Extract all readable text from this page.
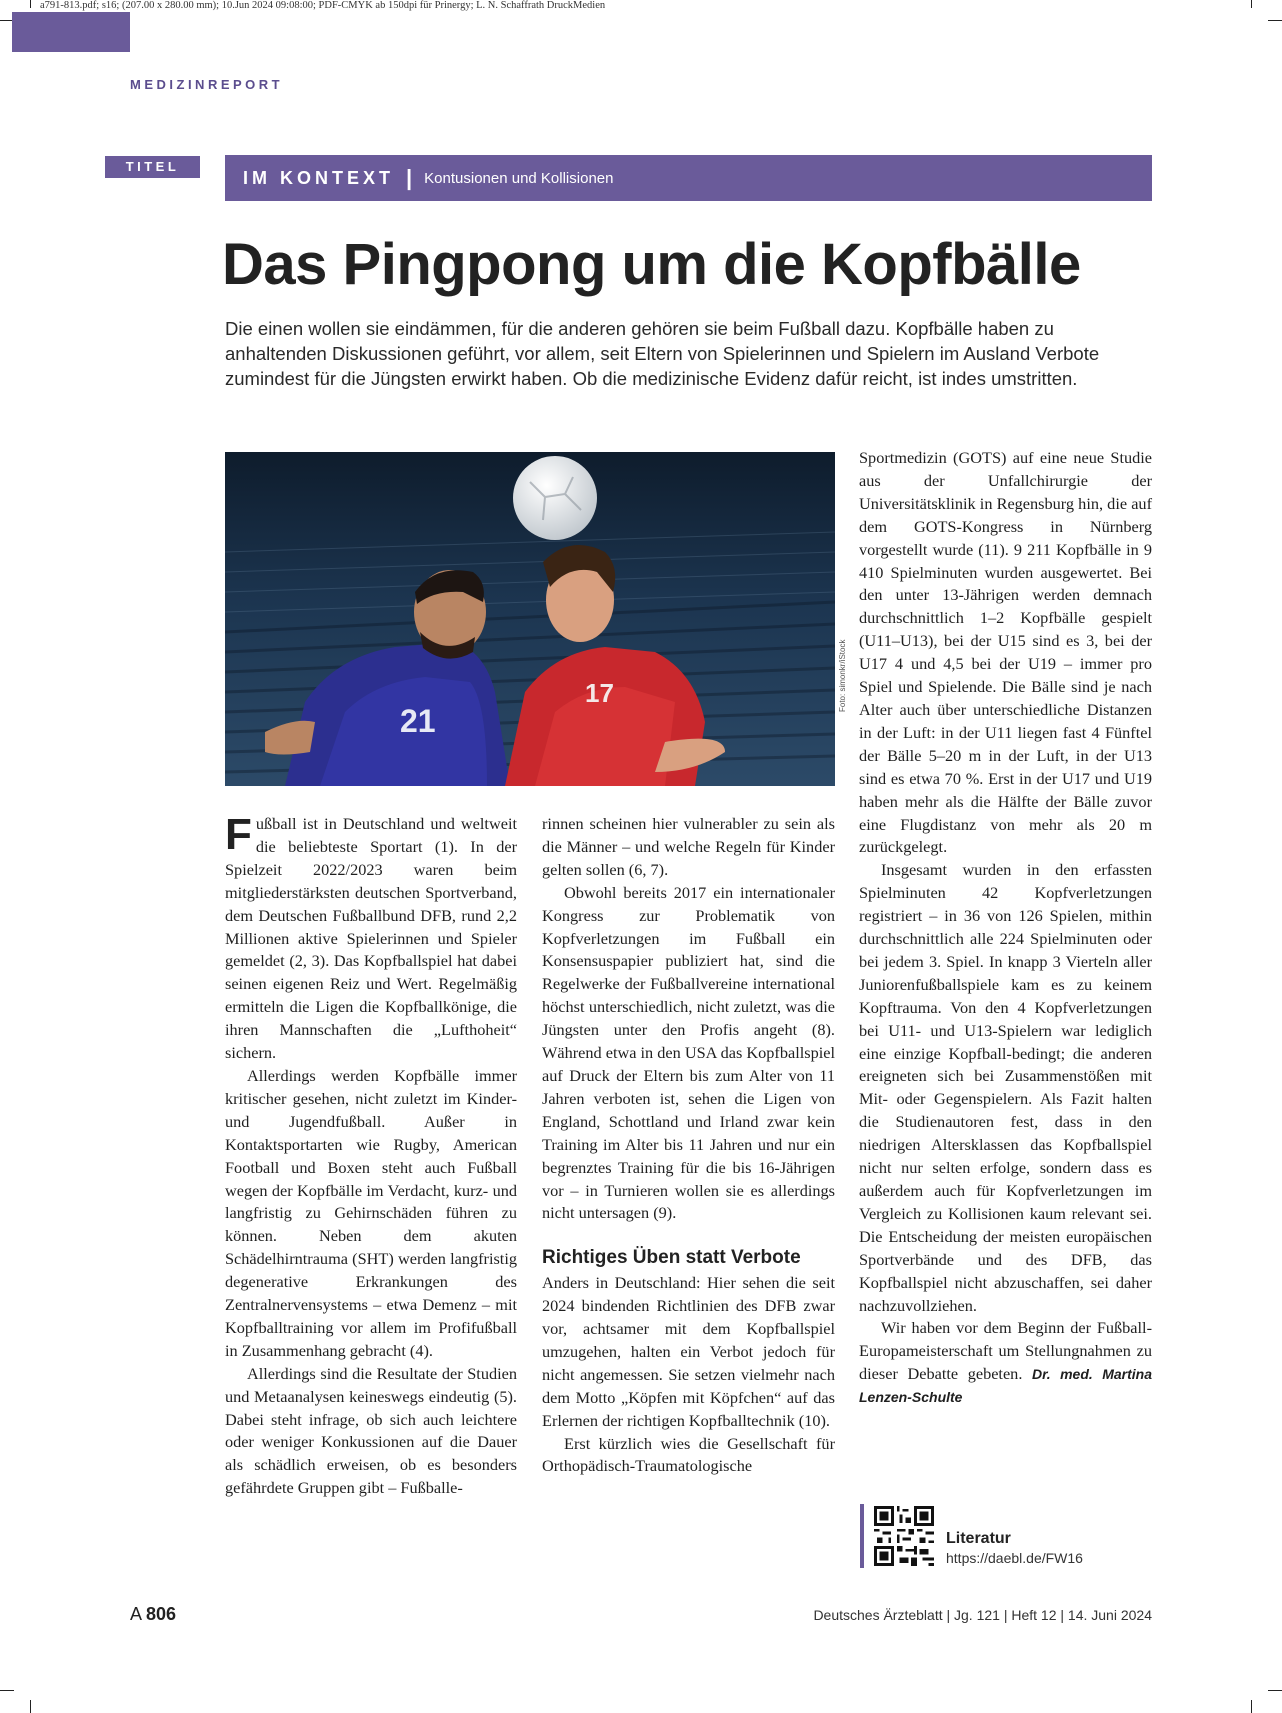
a791-813.pdf; s16; (207.00 x 280.00 mm); 10.Jun 2024 09:08:00; PDF-CMYK ab 150dpi für Prinergy; L. N. Schaffrath DruckMedien
MEDIZINREPORT
TITEL
IM KONTEXT | Kontusionen und Kollisionen
Das Pingpong um die Kopfbälle
Die einen wollen sie eindämmen, für die anderen gehören sie beim Fußball dazu. Kopfbälle haben zu anhaltenden Diskussionen geführt, vor allem, seit Eltern von Spielerinnen und Spielern im Ausland Verbote zumindest für die Jüngsten erwirkt haben. Ob die medizinische Evidenz dafür reicht, ist indes umstritten.
21
17	Foto: simonkr/iStock

Fußball ist in Deutschland und weltweit die beliebteste Sportart (1). In der Spielzeit 2022/2023 waren beim mitgliederstärksten deutschen Sportverband, dem Deutschen Fußballbund DFB, rund 2,2 Millionen aktive Spielerinnen und Spieler gemeldet (2, 3). Das Kopfballspiel hat dabei seinen eigenen Reiz und Wert. Regelmäßig ermitteln die Ligen die Kopfballkönige, die ihren Mannschaften die „Lufthoheit“ sichern.

Allerdings werden Kopfbälle immer kritischer gesehen, nicht zuletzt im Kinder- und Jugendfußball. Außer in Kontaktsportarten wie Rugby, American Football und Boxen steht auch Fußball wegen der Kopfbälle im Verdacht, kurz- und langfristig zu Gehirnschäden führen zu können. Neben dem akuten Schädelhirntrauma (SHT) werden langfristig degenerative Erkrankungen des Zentralnervensystems – etwa Demenz – mit Kopfballtraining vor allem im Profifußball in Zusammenhang gebracht (4).

Allerdings sind die Resultate der Studien und Metaanalysen keineswegs eindeutig (5). Dabei steht infrage, ob sich auch leichtere oder weniger Konkussionen auf die Dauer als schädlich erweisen, ob es besonders gefährdete Gruppen gibt – Fußballe-

rinnen scheinen hier vulnerabler zu sein als die Männer – und welche Regeln für Kinder gelten sollen (6, 7).

Obwohl bereits 2017 ein internationaler Kongress zur Problematik von Kopfverletzungen im Fußball ein Konsensuspapier publiziert hat, sind die Regelwerke der Fußballvereine international höchst unterschiedlich, nicht zuletzt, was die Jüngsten unter den Profis angeht (8). Während etwa in den USA das Kopfballspiel auf Druck der Eltern bis zum Alter von 11 Jahren verboten ist, sehen die Ligen von England, Schottland und Irland zwar kein Training im Alter bis 11 Jahren und nur ein begrenztes Training für die bis 16-Jährigen vor – in Turnieren wollen sie es allerdings nicht untersagen (9).

Richtiges Üben statt Verbote

Anders in Deutschland: Hier sehen die seit 2024 bindenden Richtlinien des DFB zwar vor, achtsamer mit dem Kopfballspiel umzugehen, halten ein Verbot jedoch für nicht angemessen. Sie setzen vielmehr nach dem Motto „Köpfen mit Köpfchen“ auf das Erlernen der richtigen Kopfballtechnik (10).

Erst kürzlich wies die Gesellschaft für Orthopädisch-Traumatologische

Sportmedizin (GOTS) auf eine neue Studie aus der Unfallchirurgie der Universitätsklinik in Regensburg hin, die auf dem GOTS-Kongress in Nürnberg vorgestellt wurde (11). 9 211 Kopfbälle in 9 410 Spielminuten wurden ausgewertet. Bei den unter 13-Jährigen werden demnach durchschnittlich 1–2 Kopfbälle gespielt (U11–U13), bei der U15 sind es 3, bei der U17 4 und 4,5 bei der U19 – immer pro Spiel und Spielende. Die Bälle sind je nach Alter auch über unterschiedliche Distanzen in der Luft: in der U11 liegen fast 4 Fünftel der Bälle 5–20 m in der Luft, in der U13 sind es etwa 70 %. Erst in der U17 und U19 haben mehr als die Hälfte der Bälle zuvor eine Flugdistanz von mehr als 20 m zurückgelegt.

Insgesamt wurden in den erfassten Spielminuten 42 Kopfverletzungen registriert – in 36 von 126 Spielen, mithin durchschnittlich alle 224 Spielminuten oder bei jedem 3. Spiel. In knapp 3 Vierteln aller Juniorenfußballspiele kam es zu keinem Kopftrauma. Von den 4 Kopfverletzungen bei U11- und U13-Spielern war lediglich eine einzige Kopfball-bedingt; die anderen ereigneten sich bei Zusammenstößen mit Mit- oder Gegenspielern. Als Fazit halten die Studienautoren fest, dass in den niedrigen Altersklassen das Kopfballspiel nicht nur selten erfolge, sondern dass es außerdem auch für Kopfverletzungen im Vergleich zu Kollisionen kaum relevant sei. Die Entscheidung der meisten europäischen Sportverbände und des DFB, das Kopfballspiel nicht abzuschaffen, sei daher nachzuvollziehen.

Wir haben vor dem Beginn der Fußball-Europameisterschaft um Stellungnahmen zu dieser Debatte gebeten. Dr. med. Martina Lenzen-Schulte

Literatur
https://daebl.de/FW16
A 806	Deutsches Ärzteblatt | Jg. 121 | Heft 12 | 14. Juni 2024
